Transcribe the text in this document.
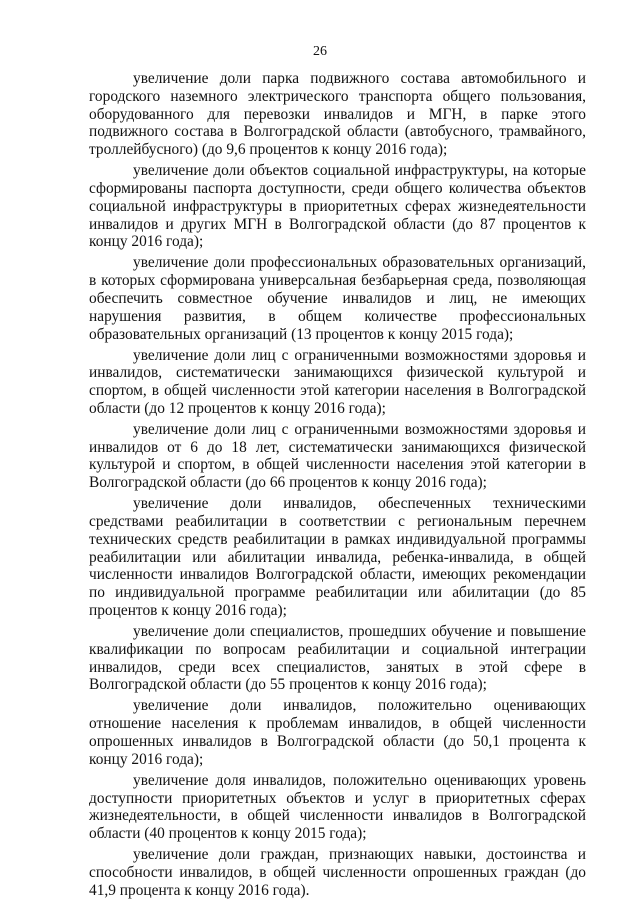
26

увеличение доли парка подвижного состава автомобильного и городского наземного электрического транспорта общего пользования, оборудованного для перевозки инвалидов и МГН, в парке этого подвижного состава в Волгоградской области (автобусного, трамвайного, троллейбусного) (до 9,6 процентов к концу 2016 года);

увеличение доли объектов социальной инфраструктуры, на которые сформированы паспорта доступности, среди общего количества объектов социальной инфраструктуры в приоритетных сферах жизнедеятельности инвалидов и других МГН в Волгоградской области (до 87 процентов к концу 2016 года);

увеличение доли профессиональных образовательных организаций, в которых сформирована универсальная безбарьерная среда, позволяющая обеспечить совместное обучение инвалидов и лиц, не имеющих нарушения развития, в общем количестве профессиональных образовательных организаций (13 процентов к концу 2015 года);

увеличение доли лиц с ограниченными возможностями здоровья и инвалидов, систематически занимающихся физической культурой и спортом, в общей численности этой категории населения в Волгоградской области (до 12 процентов к концу 2016 года);

увеличение доли лиц с ограниченными возможностями здоровья и инвалидов от 6 до 18 лет, систематически занимающихся физической культурой и спортом, в общей численности населения этой категории в Волгоградской области (до 66 процентов к концу 2016 года);

увеличение доли инвалидов, обеспеченных техническими средствами реабилитации в соответствии с региональным перечнем технических средств реабилитации в рамках индивидуальной программы реабилитации или абилитации инвалида, ребенка-инвалида, в общей численности инвалидов Волгоградской области, имеющих рекомендации по индивидуальной программе реабилитации или абилитации (до 85 процентов к концу 2016 года);

увеличение доли специалистов, прошедших обучение и повышение квалификации по вопросам реабилитации и социальной интеграции инвалидов, среди всех специалистов, занятых в этой сфере в Волгоградской области (до 55 процентов к концу 2016 года);

увеличение доли инвалидов, положительно оценивающих отношение населения к проблемам инвалидов, в общей численности опрошенных инвалидов в Волгоградской области (до 50,1 процента к концу 2016 года);

увеличение доля инвалидов, положительно оценивающих уровень доступности приоритетных объектов и услуг в приоритетных сферах жизнедеятельности, в общей численности инвалидов в Волгоградской области (40 процентов к концу 2015 года);

увеличение доли граждан, признающих навыки, достоинства и способности инвалидов, в общей численности опрошенных граждан (до 41,9 процента к концу 2016 года).
